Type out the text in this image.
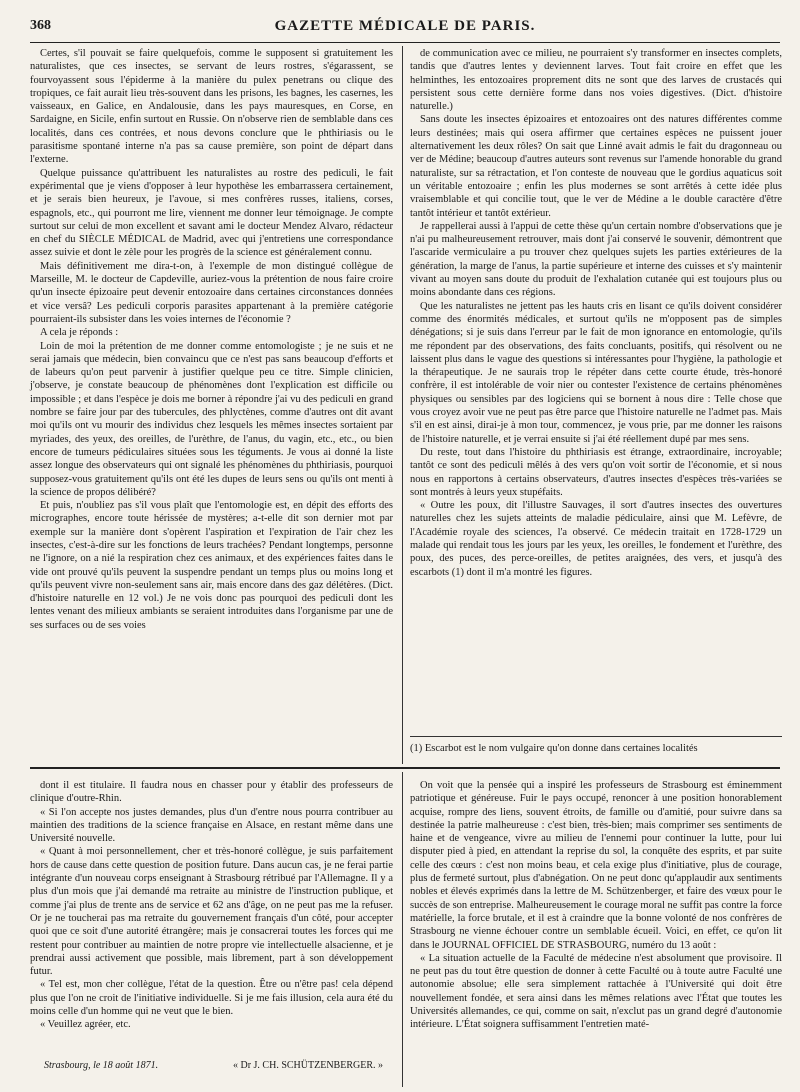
368	GAZETTE MÉDICALE DE PARIS.

Certes, s'il pouvait se faire quelquefois, comme le supposent si gratuitement les naturalistes, que ces insectes, se servant de leurs rostres, s'égarassent, se fourvoyassent sous l'épiderme à la manière du pulex penetrans ou clique des tropiques, ce fait aurait lieu très-souvent dans les prisons, les bagnes, les casernes, les vaisseaux, en Galice, en Andalousie, dans les pays mauresques, en Corse, en Sardaigne, en Sicile, enfin surtout en Russie. On n'observe rien de semblable dans ces localités, dans ces contrées, et nous devons conclure que le phthiriasis ou le parasitisme spontané interne n'a pas sa cause première, son point de départ dans l'externe.

Quelque puissance qu'attribuent les naturalistes au rostre des pediculi, le fait expérimental que je viens d'opposer à leur hypothèse les embarrassera certainement, et je serais bien heureux, je l'avoue, si mes confrères russes, italiens, corses, espagnols, etc., qui pourront me lire, viennent me donner leur témoignage. Je compte surtout sur celui de mon excellent et savant ami le docteur Mendez Alvaro, rédacteur en chef du SIÈCLE MÉDICAL de Madrid, avec qui j'entretiens une correspondance assez suivie et dont le zèle pour les progrès de la science est généralement connu.

Mais définitivement me dira-t-on, à l'exemple de mon distingué collègue de Marseille, M. le docteur de Capdeville, auriez-vous la prétention de nous faire croire qu'un insecte épizoaire peut devenir entozoaire dans certaines circonstances données et vice versâ? Les pediculi corporis parasites appartenant à la première catégorie pourraient-ils subsister dans les voies internes de l'économie ?

A cela je réponds :

Loin de moi la prétention de me donner comme entomologiste ; je ne suis et ne serai jamais que médecin, bien convaincu que ce n'est pas sans beaucoup d'efforts et de labeurs qu'on peut parvenir à justifier quelque peu ce titre. Simple clinicien, j'observe, je constate beaucoup de phénomènes dont l'explication est difficile ou impossible ; et dans l'espèce je dois me borner à répondre j'ai vu des pediculi en grand nombre se faire jour par des tubercules, des phlyctènes, comme d'autres ont dit avant moi qu'ils ont vu mourir des individus chez lesquels les mêmes insectes sortaient par myriades, des yeux, des oreilles, de l'urèthre, de l'anus, du vagin, etc., etc., ou bien encore de tumeurs pédiculaires situées sous les téguments. Je vous ai donné la liste assez longue des observateurs qui ont signalé les phénomènes du phthiriasis, pourquoi supposez-vous gratuitement qu'ils ont été les dupes de leurs sens ou qu'ils ont menti à la science de propos délibéré?

Et puis, n'oubliez pas s'il vous plaît que l'entomologie est, en dépit des efforts des micrographes, encore toute hérissée de mystères; a-t-elle dit son dernier mot par exemple sur la manière dont s'opèrent l'aspiration et l'expiration de l'air chez les insectes, c'est-à-dire sur les fonctions de leurs trachées? Pendant longtemps, personne ne l'ignore, on a nié la respiration chez ces animaux, et des expériences faites dans le vide ont prouvé qu'ils peuvent la suspendre pendant un temps plus ou moins long et qu'ils peuvent vivre non-seulement sans air, mais encore dans des gaz délétères. (Dict. d'histoire naturelle en 12 vol.) Je ne vois donc pas pourquoi des pediculi dont les lentes venant des milieux ambiants se seraient introduites dans l'organisme par une de ses surfaces ou de ses voies

de communication avec ce milieu, ne pourraient s'y transformer en insectes complets, tandis que d'autres lentes y deviennent larves. Tout fait croire en effet que les helminthes, les entozoaires proprement dits ne sont que des larves de crustacés qui persistent sous cette dernière forme dans nos voies digestives. (Dict. d'histoire naturelle.)

Sans doute les insectes épizoaires et entozoaires ont des natures différentes comme leurs destinées; mais qui osera affirmer que certaines espèces ne puissent jouer alternativement les deux rôles? On sait que Linné avait admis le fait du dragonneau ou ver de Médine; beaucoup d'autres auteurs sont revenus sur l'amende honorable du grand naturaliste, sur sa rétractation, et l'on conteste de nouveau que le gordius aquaticus soit un véritable entozoaire ; enfin les plus modernes se sont arrêtés à cette idée plus vraisemblable et qui concilie tout, que le ver de Médine a le double caractère d'être tantôt intérieur et tantôt extérieur.

Je rappellerai aussi à l'appui de cette thèse qu'un certain nombre d'observations que je n'ai pu malheureusement retrouver, mais dont j'ai conservé le souvenir, démontrent que l'ascaride vermiculaire a pu trouver chez quelques sujets les parties extérieures de la génération, la marge de l'anus, la partie supérieure et interne des cuisses et s'y maintenir vivant au moyen sans doute du produit de l'exhalation cutanée qui est toujours plus ou moins abondante dans ces régions.

Que les naturalistes ne jettent pas les hauts cris en lisant ce qu'ils doivent considérer comme des énormités médicales, et surtout qu'ils ne m'opposent pas de simples dénégations; si je suis dans l'erreur par le fait de mon ignorance en entomologie, qu'ils me répondent par des observations, des faits concluants, positifs, qui résolvent ou ne laissent plus dans le vague des questions si intéressantes pour l'hygiène, la pathologie et la thérapeutique. Je ne saurais trop le répéter dans cette courte étude, très-honoré confrère, il est intolérable de voir nier ou contester l'existence de certains phénomènes physiques ou sensibles par des logiciens qui se bornent à nous dire : Telle chose que vous croyez avoir vue ne peut pas être parce que l'histoire naturelle ne l'admet pas. Mais s'il en est ainsi, dirai-je à mon tour, commencez, je vous prie, par me donner les raisons de l'histoire naturelle, et je verrai ensuite si j'ai été réellement dupé par mes sens.

Du reste, tout dans l'histoire du phthiriasis est étrange, extraordinaire, incroyable; tantôt ce sont des pediculi mêlés à des vers qu'on voit sortir de l'économie, et si nous nous en rapportons à certains observateurs, d'autres insectes d'espèces très-variées se sont montrés à leurs yeux stupéfaits.

« Outre les poux, dit l'illustre Sauvages, il sort d'autres insectes des ouvertures naturelles chez les sujets atteints de maladie pédiculaire, ainsi que M. Lefèvre, de l'Académie royale des sciences, l'a observé. Ce médecin traitait en 1728-1729 un malade qui rendait tous les jours par les yeux, les oreilles, le fondement et l'urèthre, des poux, des puces, des perce-oreilles, de petites araignées, des vers, et jusqu'à des escarbots (1) dont il m'a montré les figures.

(1) Escarbot est le nom vulgaire qu'on donne dans certaines localités

dont il est titulaire. Il faudra nous en chasser pour y établir des professeurs de clinique d'outre-Rhin.

« Si l'on accepte nos justes demandes, plus d'un d'entre nous pourra contribuer au maintien des traditions de la science française en Alsace, en restant même dans une Université nouvelle.

« Quant à moi personnellement, cher et très-honoré collègue, je suis parfaitement hors de cause dans cette question de position future. Dans aucun cas, je ne ferai partie intégrante d'un nouveau corps enseignant à Strasbourg rétribué par l'Allemagne. Il y a plus d'un mois que j'ai demandé ma retraite au ministre de l'instruction publique, et comme j'ai plus de trente ans de service et 62 ans d'âge, on ne peut pas me la refuser. Or je ne toucherai pas ma retraite du gouvernement français d'un côté, pour accepter quoi que ce soit d'une autorité étrangère; mais je consacrerai toutes les forces qui me restent pour contribuer au maintien de notre propre vie intellectuelle alsacienne, et je prendrai aussi activement que possible, mais librement, part à son développement futur.

« Tel est, mon cher collègue, l'état de la question. Être ou n'être pas! cela dépend plus que l'on ne croit de l'initiative individuelle. Si je me fais illusion, cela aura été du moins celle d'un homme qui ne veut que le bien.

« Veuillez agréer, etc.

Strasbourg, le 18 août 1871.	« Dr J. CH. SCHÜTZENBERGER. »

On voit que la pensée qui a inspiré les professeurs de Strasbourg est éminemment patriotique et généreuse. Fuir le pays occupé, renoncer à une position honorablement acquise, rompre des liens, souvent étroits, de famille ou d'amitié, pour suivre dans sa destinée la patrie malheureuse : c'est bien, très-bien; mais comprimer ses sentiments de haine et de vengeance, vivre au milieu de l'ennemi pour continuer la lutte, pour lui disputer pied à pied, en attendant la reprise du sol, la conquête des esprits, et par suite celle des cœurs : c'est non moins beau, et cela exige plus d'initiative, plus de courage, plus de fermeté surtout, plus d'abnégation. On ne peut donc qu'applaudir aux sentiments nobles et élevés exprimés dans la lettre de M. Schützenberger, et faire des vœux pour le succès de son entreprise. Malheureusement le courage moral ne suffit pas contre la force matérielle, la force brutale, et il est à craindre que la bonne volonté de nos confrères de Strasbourg ne vienne échouer contre un semblable écueil. Voici, en effet, ce qu'on lit dans le JOURNAL OFFICIEL DE STRASBOURG, numéro du 13 août :

« La situation actuelle de la Faculté de médecine n'est absolument que provisoire. Il ne peut pas du tout être question de donner à cette Faculté ou à toute autre Faculté une autonomie absolue; elle sera simplement rattachée à l'Université qui doit être nouvellement fondée, et sera ainsi dans les mêmes relations avec l'État que toutes les Universités allemandes, ce qui, comme on sait, n'exclut pas un grand degré d'autonomie intérieure. L'État soignera suffisamment l'entretien maté-
